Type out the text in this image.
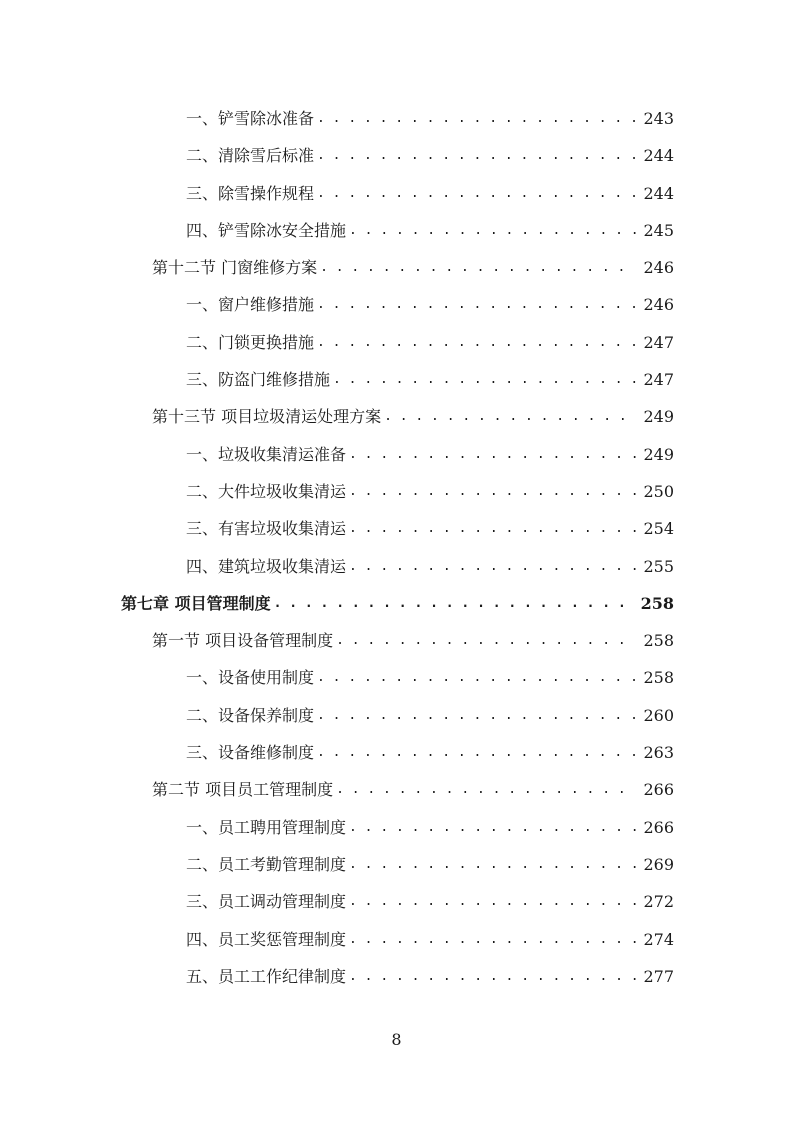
一、铲雪除冰准备 . . .	243
二、清除雪后标准 . . .	244
三、除雪操作规程 . . .	244
四、铲雪除冰安全措施 . . .	245
第十二节 门窗维修方案 . . .	246
一、窗户维修措施 . . .	246
二、门锁更换措施 . . .	247
三、防盗门维修措施 . . .	247
第十三节 项目垃圾清运处理方案 . . .	249
一、垃圾收集清运准备 . . .	249
二、大件垃圾收集清运 . . .	250
三、有害垃圾收集清运 . . .	254
四、建筑垃圾收集清运 . . .	255
第七章 项目管理制度 . . .	258
第一节 项目设备管理制度 . . .	258
一、设备使用制度 . . .	258
二、设备保养制度 . . .	260
三、设备维修制度 . . .	263
第二节 项目员工管理制度 . . .	266
一、员工聘用管理制度 . . .	266
二、员工考勤管理制度 . . .	269
三、员工调动管理制度 . . .	272
四、员工奖惩管理制度 . . .	274
五、员工工作纪律制度 . . .	277
8
